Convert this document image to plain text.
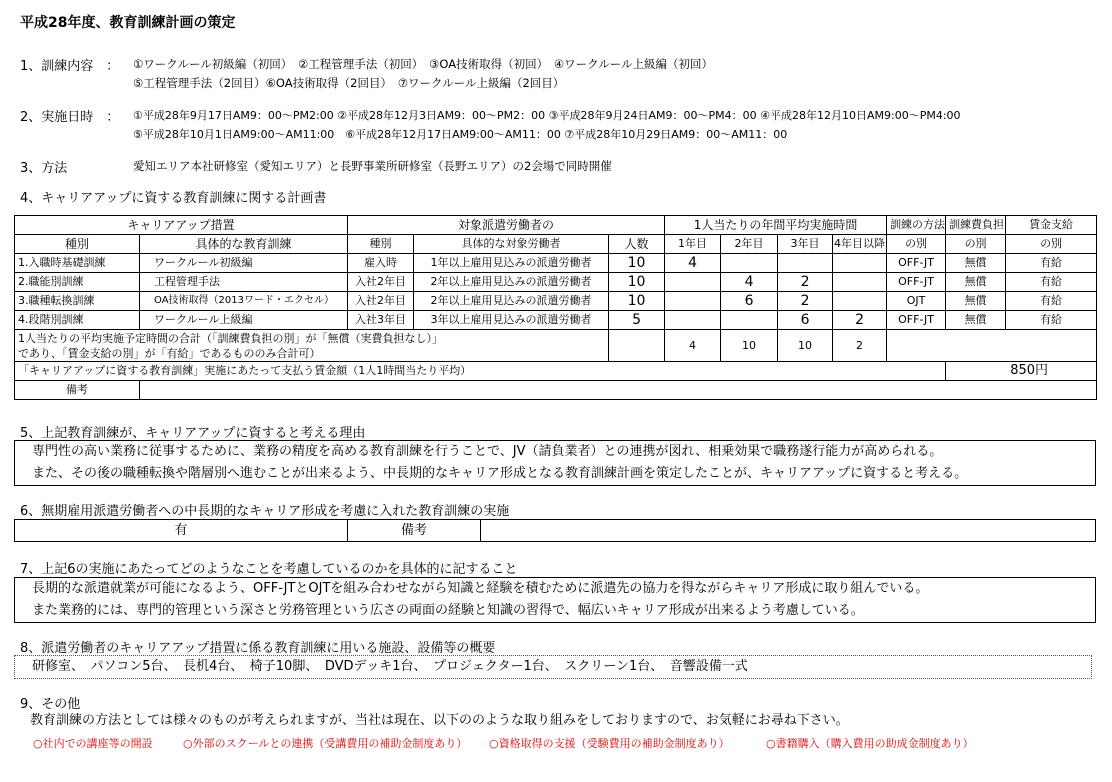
平成28年度、教育訓練計画の策定
1、訓練内容　： ①ワークルール初級編（初回）　②工程管理手法（初回）　③OA技術取得（初回）　④ワークルール上級編（初回）
⑤工程管理手法（2回目）⑥OA技術取得（2回目）　⑦ワークルール上級編（2回目）
2、実施日時　： ①平成28年9月17日AM9：00～PM2:00 ②平成28年12月3日AM9：00～PM2：00 ③平成28年9月24日AM9：00～PM4：00 ④平成28年12月10日AM9:00～PM4:00
⑤平成28年10月1日AM9:00～AM11:00　⑥平成28年12月17日AM9:00～AM11：00 ⑦平成28年10月29日AM9：00～AM11：00
3、方法	愛知エリア本社研修室（愛知エリア）と長野事業所研修室（長野エリア）の2会場で同時開催
4、キャリアアップに資する教育訓練に関する計画書
キャリアアップ措置		対象派遣労働者の			1人当たりの年間平均実施時間				訓練の方法	訓練費負担	賃金支給
種別	具体的な教育訓練	種別	具体的な対象労働者	人数	1年目	2年目	3年目	4年目以降	の別	の別	の別
1.入職時基礎訓練	ワークルール初級編	雇入時	1年以上雇用見込みの派遣労働者	10	4				OFF-JT	無償	有給
2.職能別訓練	工程管理手法	入社2年目	2年以上雇用見込みの派遣労働者	10		4	2		OFF-JT	無償	有給
3.職種転換訓練	OA技術取得（2013ワード・エクセル）	入社2年目	2年以上雇用見込みの派遣労働者	10		6	2		OJT	無償	有給
4.段階別訓練	ワークルール上級編	入社3年目	3年以上雇用見込みの派遣労働者	5			6	2	OFF-JT	無償	有給

1人当たりの平均実施予定時間の合計（「訓練費負担の別」が「無償（実費負担なし）」
であり、「賃金支給の別」が「有給」であるもののみ合計可）					4	10	10	2			
「キャリアアップに資する教育訓練」実施にあたって支払う賃金額（1人1時間当たり平均）										850円	
備考											
5、上記教育訓練が、キャリアアップに資すると考える理由
専門性の高い業務に従事するために、業務の精度を高める教育訓練を行うことで、JV（請負業者）との連携が図れ、相乗効果で職務遂行能力が高められる。
また、その後の職種転換や階層別へ進むことが出来るよう、中長期的なキャリア形成となる教育訓練計画を策定したことが、キャリアアップに資すると考える。
6、無期雇用派遣労働者への中長期的なキャリア形成を考慮に入れた教育訓練の実施
有	備考
7、上記6の実施にあたってどのようなことを考慮しているのかを具体的に記すること
長期的な派遣就業が可能になるよう、OFF-JTとOJTを組み合わせながら知識と経験を積むために派遣先の協力を得ながらキャリア形成に取り組んでいる。
また業務的には、専門的管理という深さと労務管理という広さの両面の経験と知識の習得で、幅広いキャリア形成が出来るよう考慮している。
8、派遣労働者のキャリアアップ措置に係る教育訓練に用いる施設、設備等の概要
研修室、　パソコン5台、　長机4台、　椅子10脚、　DVDデッキ1台、　プロジェクター1台、　スクリーン1台、　音響設備一式
9、その他
教育訓練の方法としては様々のものが考えられますが、当社は現在、以下ののような取り組みをしておりますので、お気軽にお尋ね下さい。
○社内での講座等の開設	○外部のスクールとの連携（受講費用の補助金制度あり） ○資格取得の支援（受験費用の補助金制度あり）	○書籍購入（購入費用の助成金制度あり）
